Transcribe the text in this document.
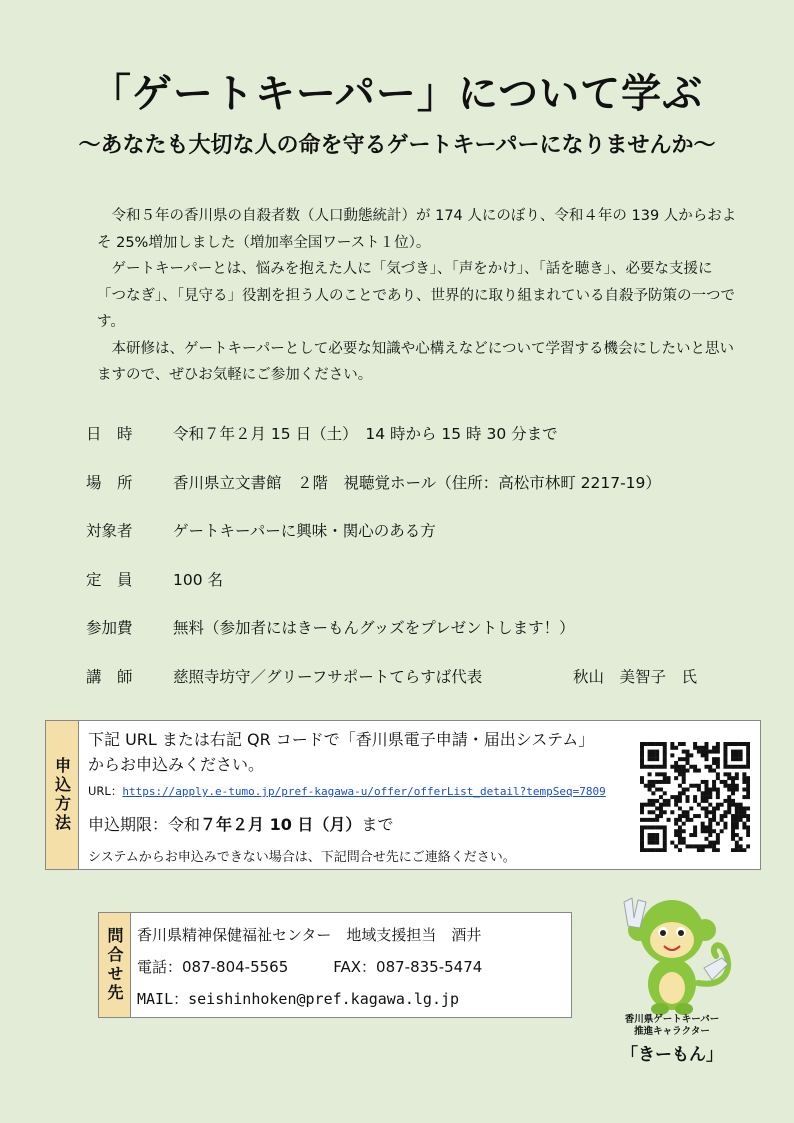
「ゲートキーパー」について学ぶ
～あなたも大切な人の命を守るゲートキーパーになりませんか～

令和５年の香川県の自殺者数（人口動態統計）が 174 人にのぼり、令和４年の 139 人からおよそ 25%増加しました（増加率全国ワースト１位）。

ゲートキーパーとは、悩みを抱えた人に「気づき」、「声をかけ」、「話を聴き」、必要な支援に「つなぎ」、「見守る」役割を担う人のことであり、世界的に取り組まれている自殺予防策の一つです。

本研修は、ゲートキーパーとして必要な知識や心構えなどについて学習する機会にしたいと思いますので、ぜひお気軽にご参加ください。

日　時	令和７年２月 15 日（土）　14 時から 15 時 30 分まで
場　所	香川県立文書館　２階　視聴覚ホール（住所：高松市林町 2217-19）
対象者	ゲートキーパーに興味・関心のある方
定　員	100 名
参加費	無料（参加者にはきーもんグッズをプレゼントします！）
講　師	慈照寺坊守／グリーフサポートてらすば代表	秋山　美智子　氏
申込方法
下記 URL または右記 QR コードで「香川県電子申請・届出システム」
からお申込みください。
URL：https://apply.e-tumo.jp/pref-kagawa-u/offer/offerList_detail?tempSeq=7809
申込期限：令和７年２月 10 日（月）まで
システムからお申込みできない場合は、下記問合せ先にご連絡ください。
問合せ先 香川県精神保健福祉センター　地域支援担当　酒井
電話：087-804-5565　　　FAX：087-835-5474
MAIL：seishinhoken@pref.kagawa.lg.jp
香川県ゲートキーパー
推進キャラクター
「きーもん」
